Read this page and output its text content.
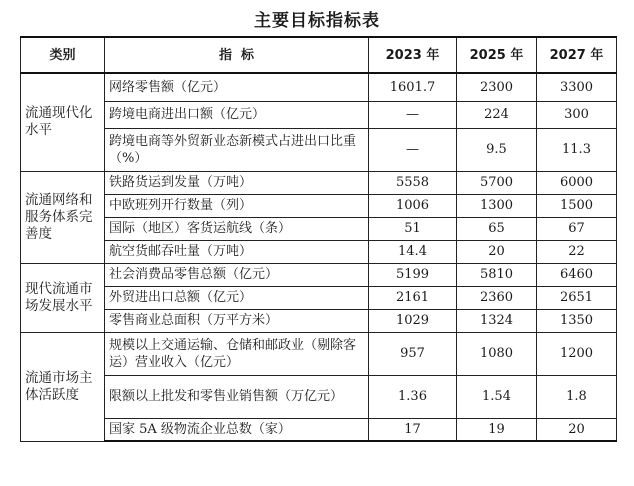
主要目标指标表
类别	指  标	2023 年	2025 年	2027 年
流通现代化水平	网络零售额（亿元）	1601.7	2300	3300
	跨境电商进出口额（亿元）	—	224	300
	跨境电商等外贸新业态新模式占进出口比重（%）	—	9.5	11.3
流通网络和服务体系完善度	铁路货运到发量（万吨）	5558	5700	6000
	中欧班列开行数量（列）	1006	1300	1500
	国际（地区）客货运航线（条）	51	65	67
	航空货邮吞吐量（万吨）	14.4	20	22
现代流通市场发展水平	社会消费品零售总额（亿元）	5199	5810	6460
	外贸进出口总额（亿元）	2161	2360	2651
	零售商业总面积（万平方米）	1029	1324	1350
流通市场主体活跃度	规模以上交通运输、仓储和邮政业（剔除客运）营业收入（亿元）	957	1080	1200
	限额以上批发和零售业销售额（万亿元）	1.36	1.54	1.8
	国家 5A 级物流企业总数（家）	17	19	20
